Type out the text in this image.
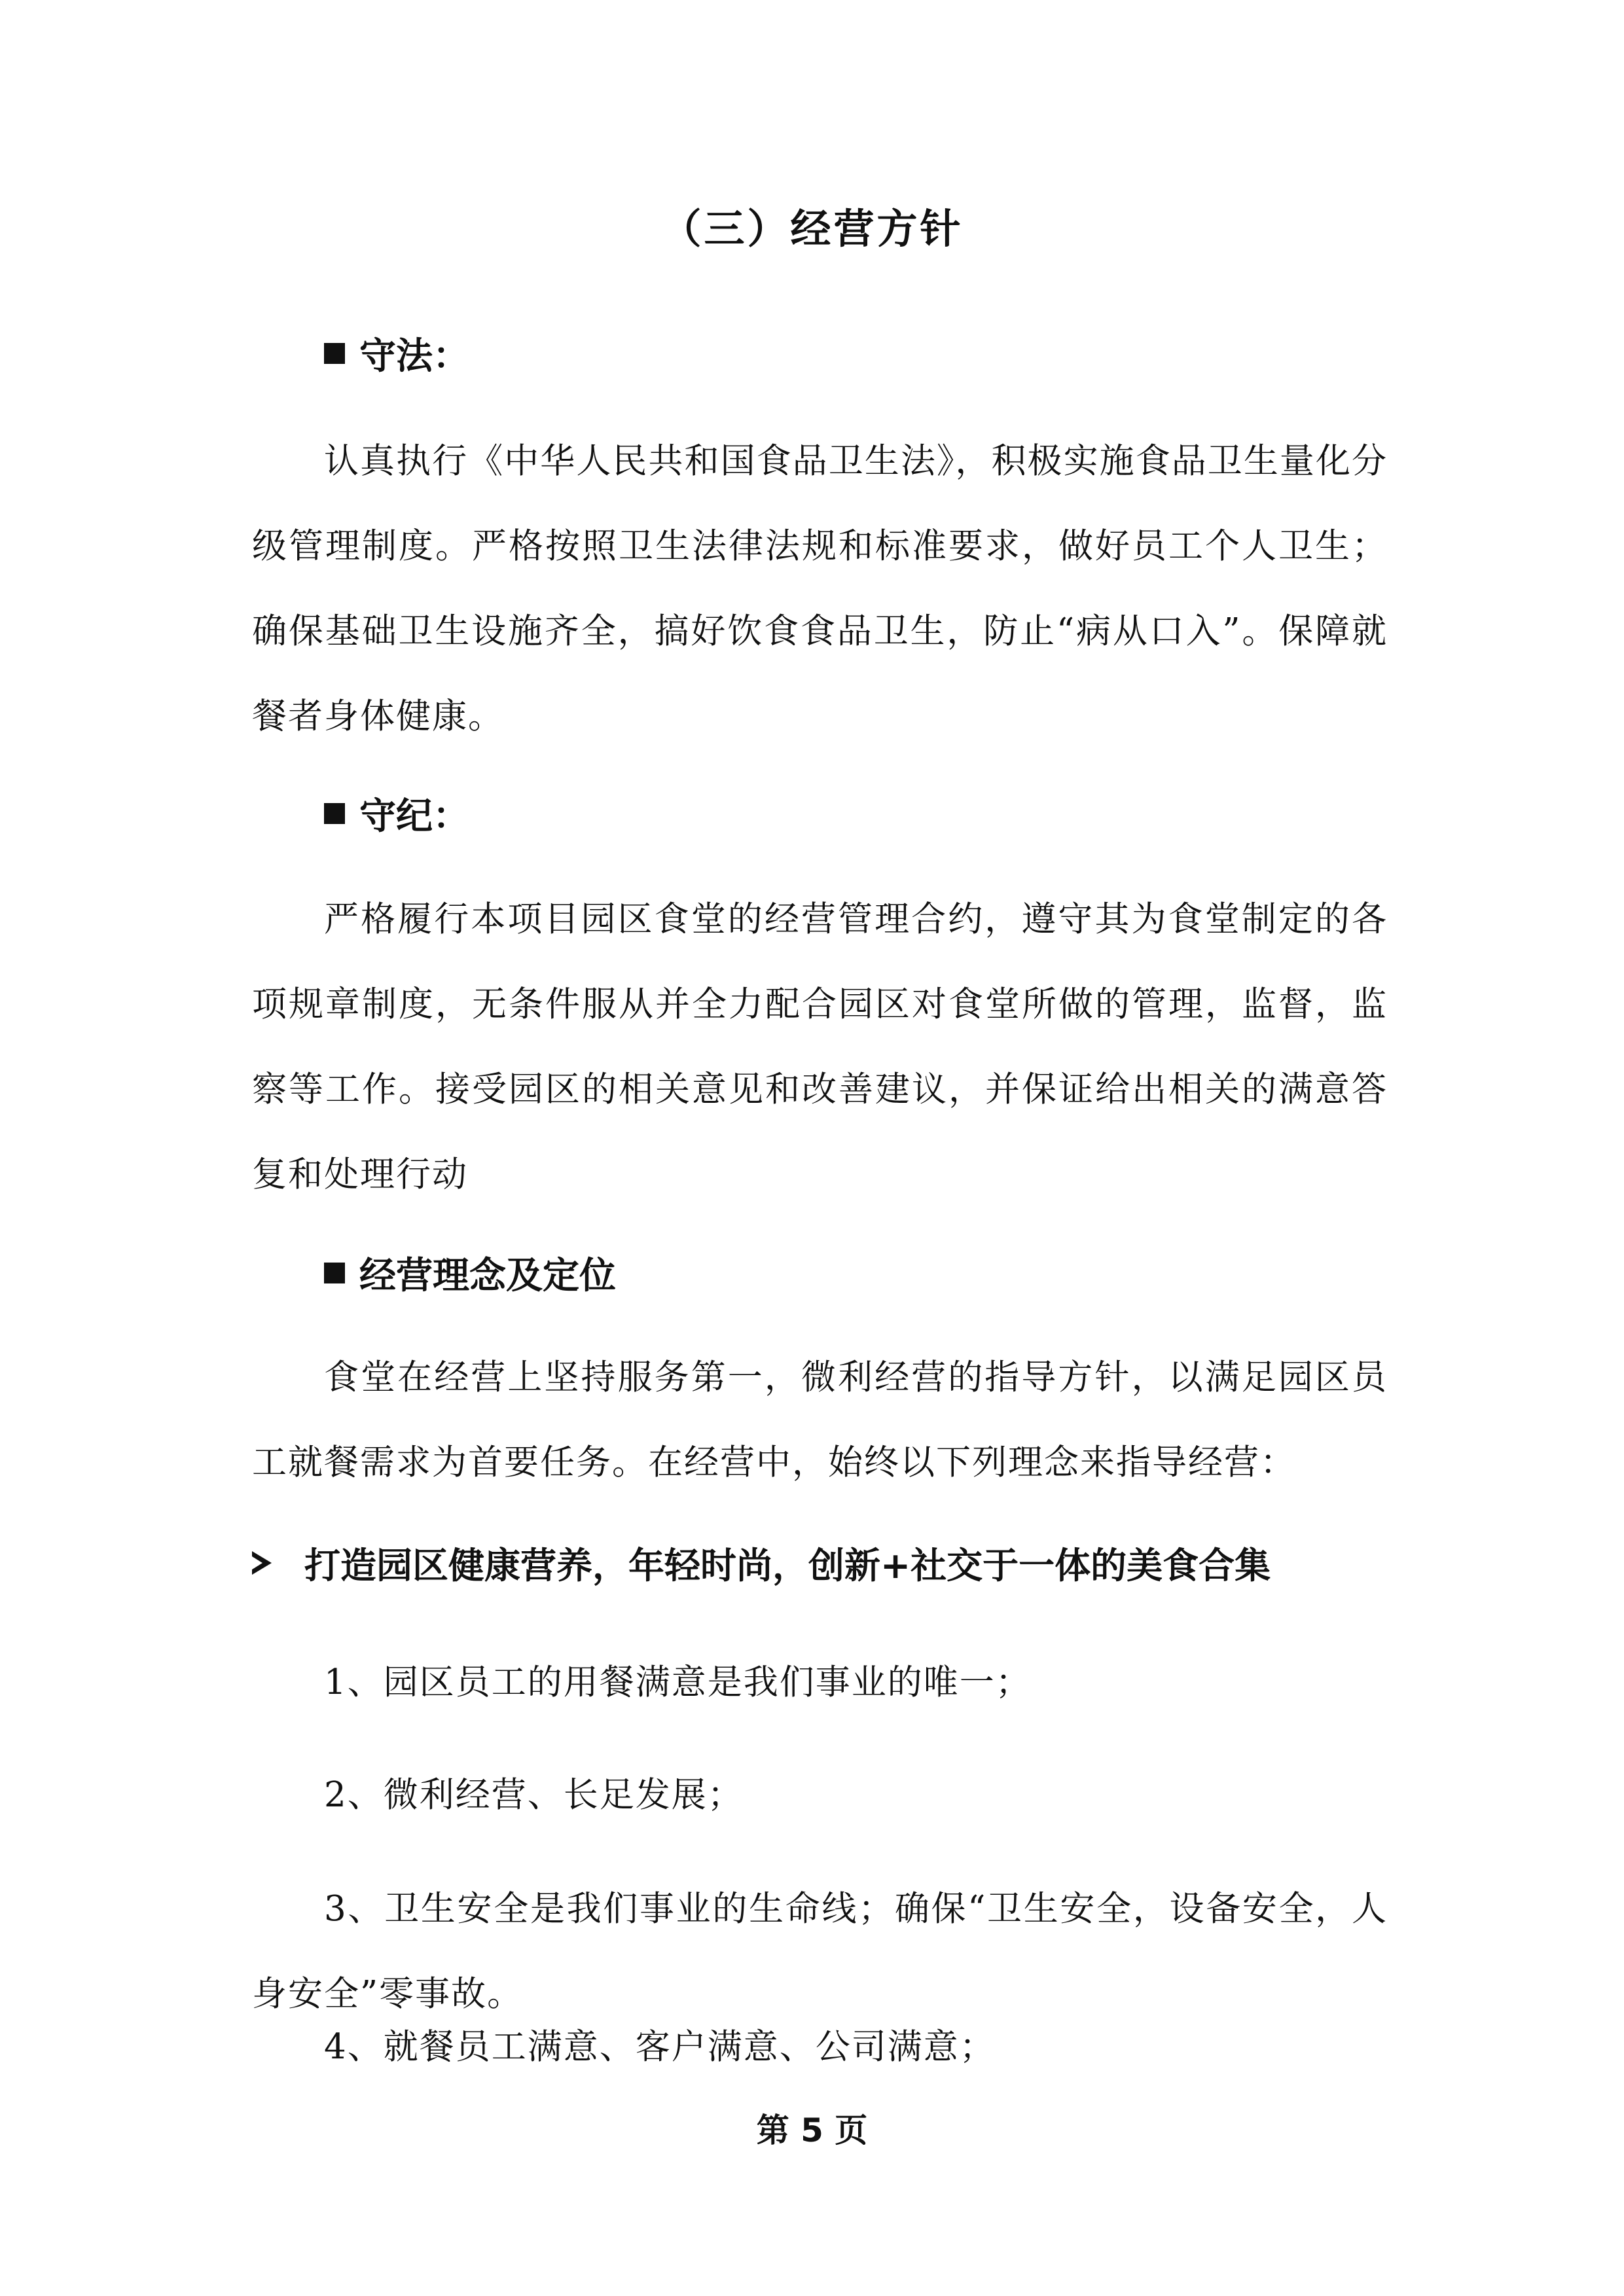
（三）经营方针
守法：

认真执行《中华人民共和国食品卫生法》，积极实施食品卫生量化分级管理制度。严格按照卫生法律法规和标准要求，做好员工个人卫生；确保基础卫生设施齐全，搞好饮食食品卫生，防止“病从口入”。保障就餐者身体健康。

守纪：

严格履行本项目园区食堂的经营管理合约，遵守其为食堂制定的各项规章制度，无条件服从并全力配合园区对食堂所做的管理，监督，监察等工作。接受园区的相关意见和改善建议，并保证给出相关的满意答复和处理行动

经营理念及定位

食堂在经营上坚持服务第一，微利经营的指导方针，以满足园区员工就餐需求为首要任务。在经营中，始终以下列理念来指导经营：

打造园区健康营养，年轻时尚，创新+社交于一体的美食合集
1、园区员工的用餐满意是我们事业的唯一；
2、微利经营、长足发展；

3、卫生安全是我们事业的生命线；确保“卫生安全，设备安全，人身安全”零事故。

4、就餐员工满意、客户满意、公司满意；
第 5 页
